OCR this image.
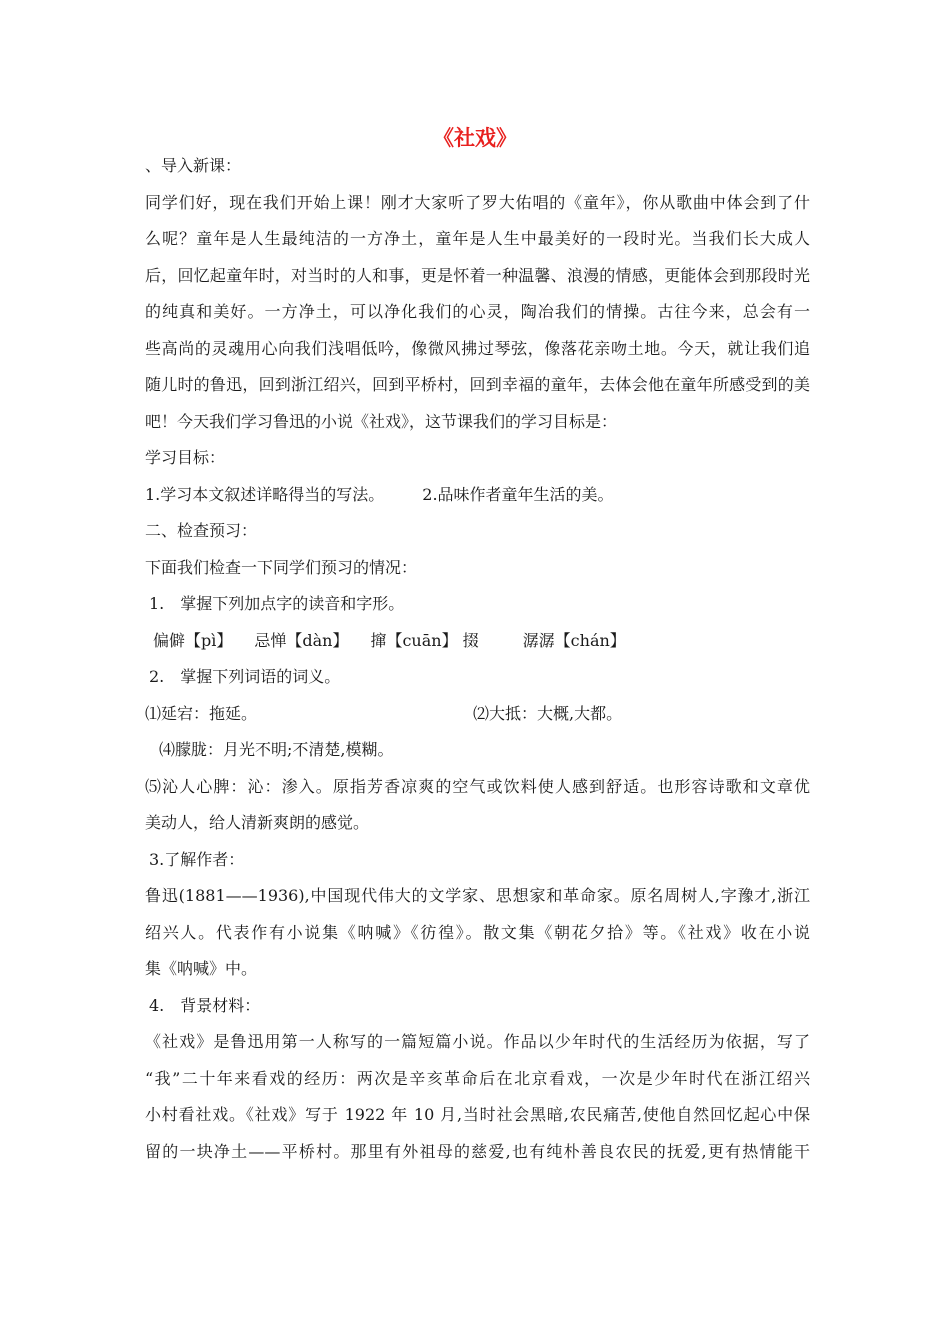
《社戏》
、导入新课：
同学们好，现在我们开始上课！刚才大家听了罗大佑唱的《童年》，你从歌曲中体会到了什
么呢？童年是人生最纯洁的一方净土，童年是人生中最美好的一段时光。当我们长大成人
后，回忆起童年时，对当时的人和事，更是怀着一种温馨、浪漫的情感，更能体会到那段时光
的纯真和美好。一方净土，可以净化我们的心灵，陶冶我们的情操。古往今来，总会有一
些高尚的灵魂用心向我们浅唱低吟，像微风拂过琴弦，像落花亲吻土地。今天，就让我们追
随儿时的鲁迅，回到浙江绍兴，回到平桥村，回到幸福的童年，去体会他在童年所感受到的美
吧！今天我们学习鲁迅的小说《社戏》，这节课我们的学习目标是：
学习目标：
1.学习本文叙述详略得当的写法。 2.品味作者童年生活的美。
二、检查预习：
下面我们检查一下同学们预习的情况：
1.　掌握下列加点字的读音和字形。
偏僻【pì】 忌惮【dàn】 撺【cuān】 掇	潺潺【chán】
2.　掌握下列词语的词义。
⑴延宕：拖延。	⑵大抵：大概,大都。
⑷朦胧：月光不明;不清楚,模糊。
⑸沁人心脾：沁：渗入。原指芳香凉爽的空气或饮料使人感到舒适。也形容诗歌和文章优
美动人，给人清新爽朗的感觉。
3.了解作者：
鲁迅(1881——1936),中国现代伟大的文学家、思想家和革命家。原名周树人,字豫才,浙江
绍兴人。代表作有小说集《呐喊》《彷徨》。散文集《朝花夕拾》等。《社戏》收在小说
集《呐喊》中。
4.　背景材料：
《社戏》是鲁迅用第一人称写的一篇短篇小说。作品以少年时代的生活经历为依据，写了
“我”二十年来看戏的经历：两次是辛亥革命后在北京看戏，一次是少年时代在浙江绍兴
小村看社戏。《社戏》写于 1922 年 10 月,当时社会黑暗,农民痛苦,使他自然回忆起心中保
留的一块净土——平桥村。那里有外祖母的慈爱,也有纯朴善良农民的抚爱,更有热情能干
